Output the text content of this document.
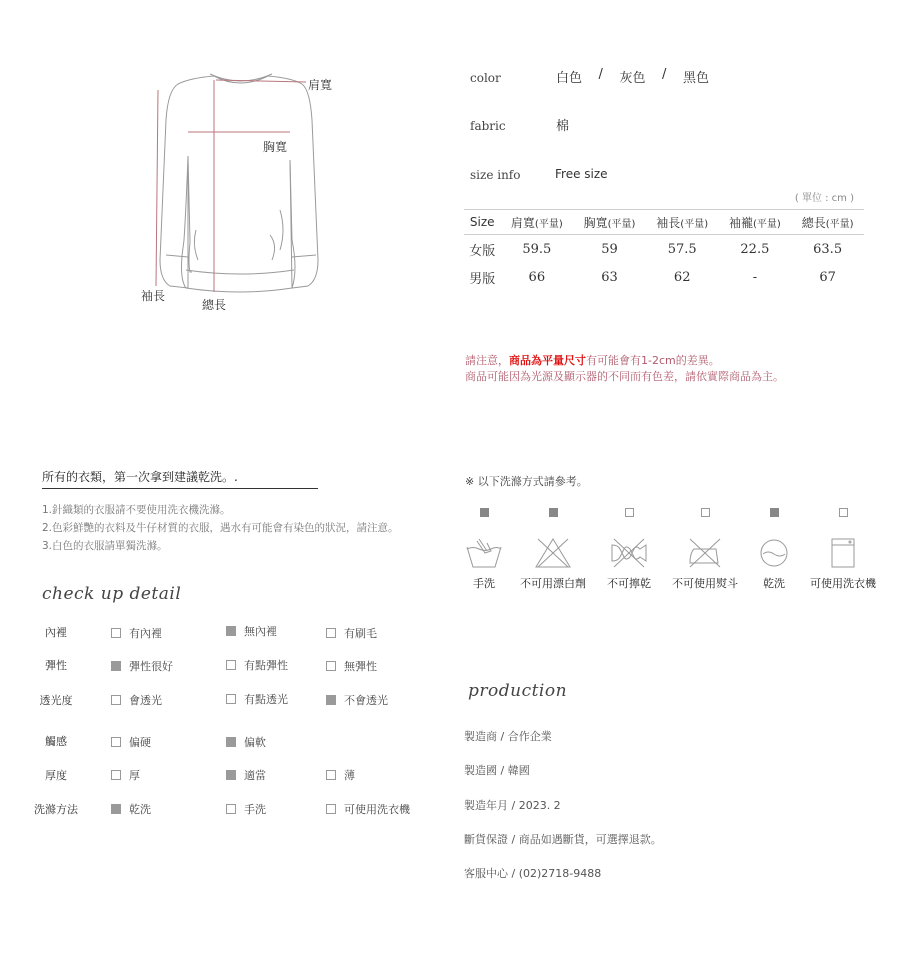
肩寬
胸寬
袖長
總長
color	白色
/
灰色
/
黑色
fabric	棉
size info	Free size
( 單位 : cm )
Size	肩寬(平量)	胸寬(平量)	袖長(平量)	袖襱(平量)	總長(平量)
女版	59.5	59	57.5	22.5	63.5
男版	66	63	62	-	67
請注意，商品為平量尺寸有可能會有1-2cm的差異。
商品可能因為光源及顯示器的不同而有色差，請依實際商品為主。
所有的衣類，第一次拿到建議乾洗。.
1.針織類的衣服請不要使用洗衣機洗滌。
2.色彩鮮艷的衣料及牛仔材質的衣服，遇水有可能會有染色的狀況，請注意。
3.白色的衣服請單獨洗滌。
check up detail
內裡	有內裡	無內裡	有刷毛
彈性	彈性很好	有點彈性	無彈性
透光度	會透光	有點透光	不會透光
觸感	偏硬	偏軟
厚度	厚	適當	薄
洗滌方法	乾洗	手洗	可使用洗衣機
※ 以下洗滌方式請參考。
手洗	不可用漂白劑	不可擰乾	不可使用熨斗	乾洗	可使用洗衣機
production
製造商 / 合作企業
製造國 / 韓國
製造年月 / 2023. 2
斷貨保證 / 商品如遇斷貨，可選擇退款。
客服中心 / (02)2718-9488
